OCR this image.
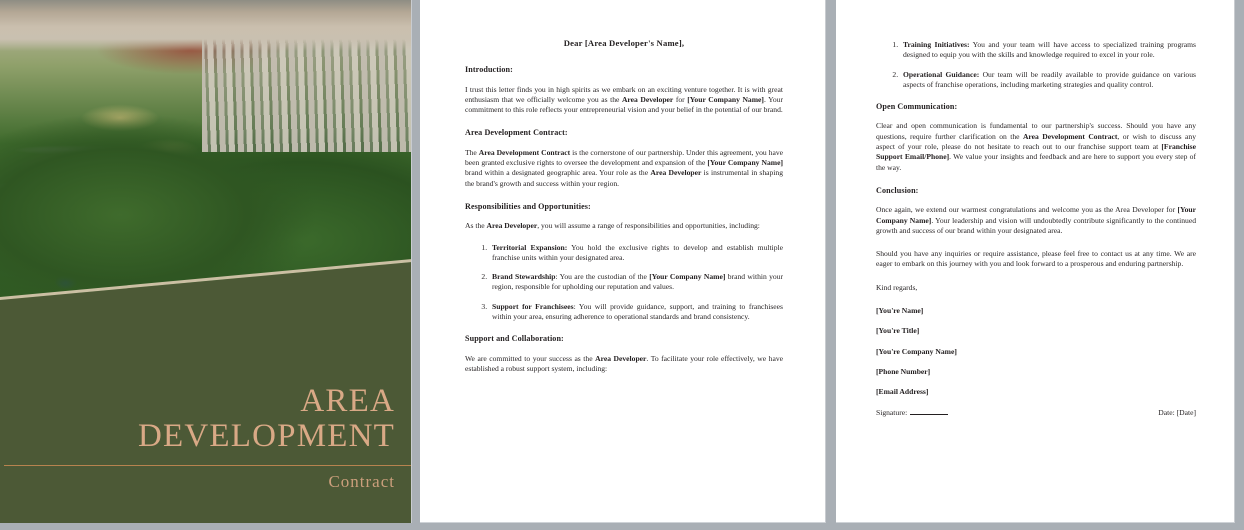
AREA
DEVELOPMENT
Contract
Dear [Area Developer's Name],
Introduction:

I trust this letter finds you in high spirits as we embark on an exciting venture together. It is with great enthusiasm that we officially welcome you as the Area Developer for [Your Company Name]. Your commitment to this role reflects your entrepreneurial vision and your belief in the potential of our brand.

Area Development Contract:

The Area Development Contract is the cornerstone of our partnership. Under this agreement, you have been granted exclusive rights to oversee the development and expansion of the [Your Company Name] brand within a designated geographic area. Your role as the Area Developer is instrumental in shaping the brand's growth and success within your region.

Responsibilities and Opportunities:

As the Area Developer, you will assume a range of responsibilities and opportunities, including:

1. Territorial Expansion: You hold the exclusive rights to develop and establish multiple franchise units within your designated area.
2. Brand Stewardship: You are the custodian of the [Your Company Name] brand within your region, responsible for upholding our reputation and values.
3. Support for Franchisees: You will provide guidance, support, and training to franchisees within your area, ensuring adherence to operational standards and brand consistency.
Support and Collaboration:

We are committed to your success as the Area Developer. To facilitate your role effectively, we have established a robust support system, including:

1. Training Initiatives: You and your team will have access to specialized training programs designed to equip you with the skills and knowledge required to excel in your role.
2. Operational Guidance: Our team will be readily available to provide guidance on various aspects of franchise operations, including marketing strategies and quality control.
Open Communication:

Clear and open communication is fundamental to our partnership's success. Should you have any questions, require further clarification on the Area Development Contract, or wish to discuss any aspect of your role, please do not hesitate to reach out to our franchise support team at [Franchise Support Email/Phone]. We value your insights and feedback and are here to support you every step of the way.

Conclusion:

Once again, we extend our warmest congratulations and welcome you as the Area Developer for [Your Company Name]. Your leadership and vision will undoubtedly contribute significantly to the continued growth and success of our brand within your designated area.

Should you have any inquiries or require assistance, please feel free to contact us at any time. We are eager to embark on this journey with you and look forward to a prosperous and enduring partnership.

Kind regards,

[You're Name]

[You're Title]

[You're Company Name]

[Phone Number]

[Email Address]

Signature:	Date: [Date]
